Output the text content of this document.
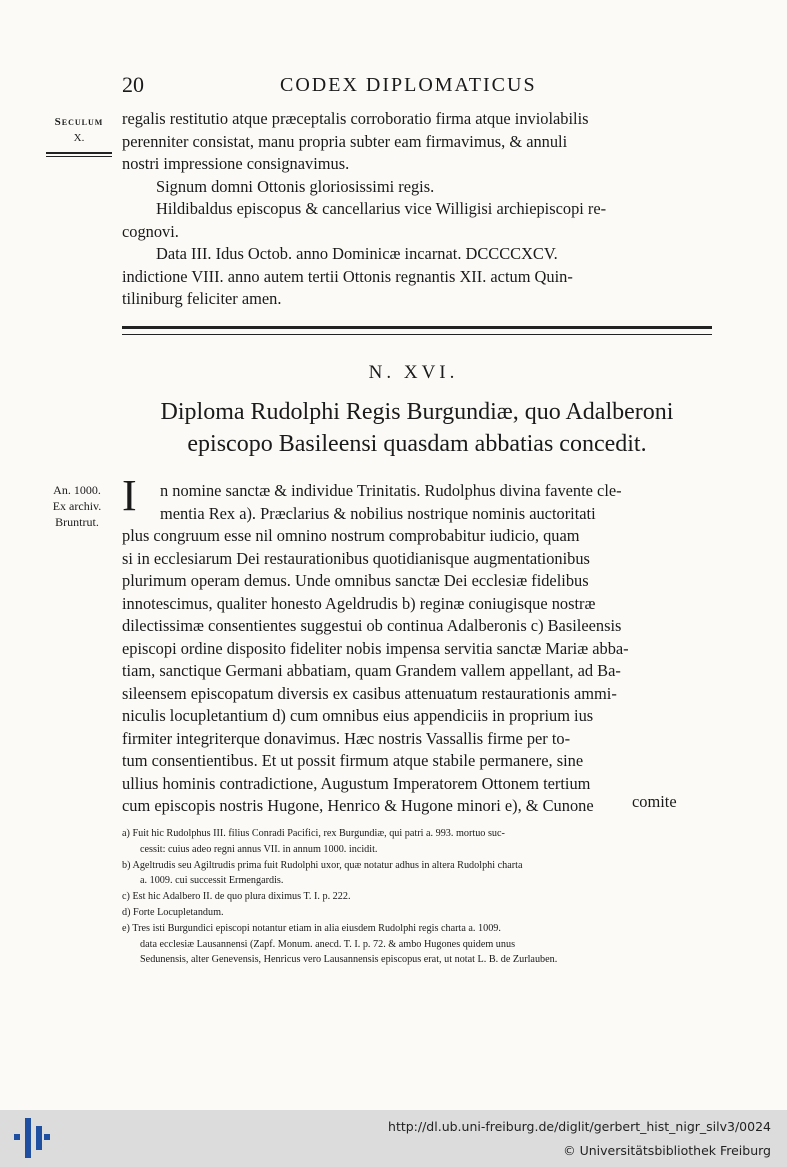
20	CODEX DIPLOMATICUS
Seculum
X.
regalis restitutio atque præceptalis corroboratio firma atque inviolabilis
perenniter consistat, manu propria subter eam firmavimus, & annuli
nostri impressione consignavimus.
Signum domni Ottonis gloriosissimi regis.
Hildibaldus episcopus & cancellarius vice Willigisi archiepiscopi re-
cognovi.
Data III. Idus Octob. anno Dominicæ incarnat. DCCCCXCV.
indictione VIII. anno autem tertii Ottonis regnantis XII. actum Quin-
tiliniburg feliciter amen.
N. XVI.
Diploma Rudolphi Regis Burgundiæ, quo Adalberoni
episcopo Basileensi quasdam abbatias concedit.
An. 1000.
Ex archiv.
Bruntrut.
I	n nomine sanctæ & individue Trinitatis. Rudolphus divina favente cle-
mentia Rex a). Præclarius & nobilius nostrique nominis auctoritati
plus congruum esse nil omnino nostrum comprobabitur iudicio, quam
si in ecclesiarum Dei restaurationibus quotidianisque augmentationibus
plurimum operam demus. Unde omnibus sanctæ Dei ecclesiæ fidelibus
innotescimus, qualiter honesto Ageldrudis b) reginæ coniugisque nostræ
dilectissimæ consentientes suggestui ob continua Adalberonis c) Basileensis
episcopi ordine disposito fideliter nobis impensa servitia sanctæ Mariæ abba-
tiam, sanctique Germani abbatiam, quam Grandem vallem appellant, ad Ba-
sileensem episcopatum diversis ex casibus attenuatum restaurationis ammi-
niculis locupletantium d) cum omnibus eius appendiciis in proprium ius
firmiter integriterque donavimus. Hæc nostris Vassallis firme per to-
tum consentientibus. Et ut possit firmum atque stabile permanere, sine
ullius hominis contradictione, Augustum Imperatorem Ottonem tertium
cum episcopis nostris Hugone, Henrico & Hugone minori e), & Cunone	comite
a) Fuit hic Rudolphus III. filius Conradi Pacifici, rex Burgundiæ, qui patri a. 993. mortuo suc-
cessit: cuius adeo regni annus VII. in annum 1000. incidit.
b) Ageltrudis seu Agiltrudis prima fuit Rudolphi uxor, quæ notatur adhus in altera Rudolphi charta
a. 1009. cui successit Ermengardis.
c) Est hic Adalbero II. de quo plura diximus T. I. p. 222.
d) Forte Locupletandum.
e) Tres isti Burgundici episcopi notantur etiam in alia eiusdem Rudolphi regis charta a. 1009.
data ecclesiæ Lausannensi (Zapf. Monum. anecd. T. I. p. 72. & ambo Hugones quidem unus
Sedunensis, alter Genevensis, Henricus vero Lausannensis episcopus erat, ut notat L. B. de Zurlauben.
http://dl.ub.uni-freiburg.de/diglit/gerbert_hist_nigr_silv3/0024
© Universitätsbibliothek Freiburg
